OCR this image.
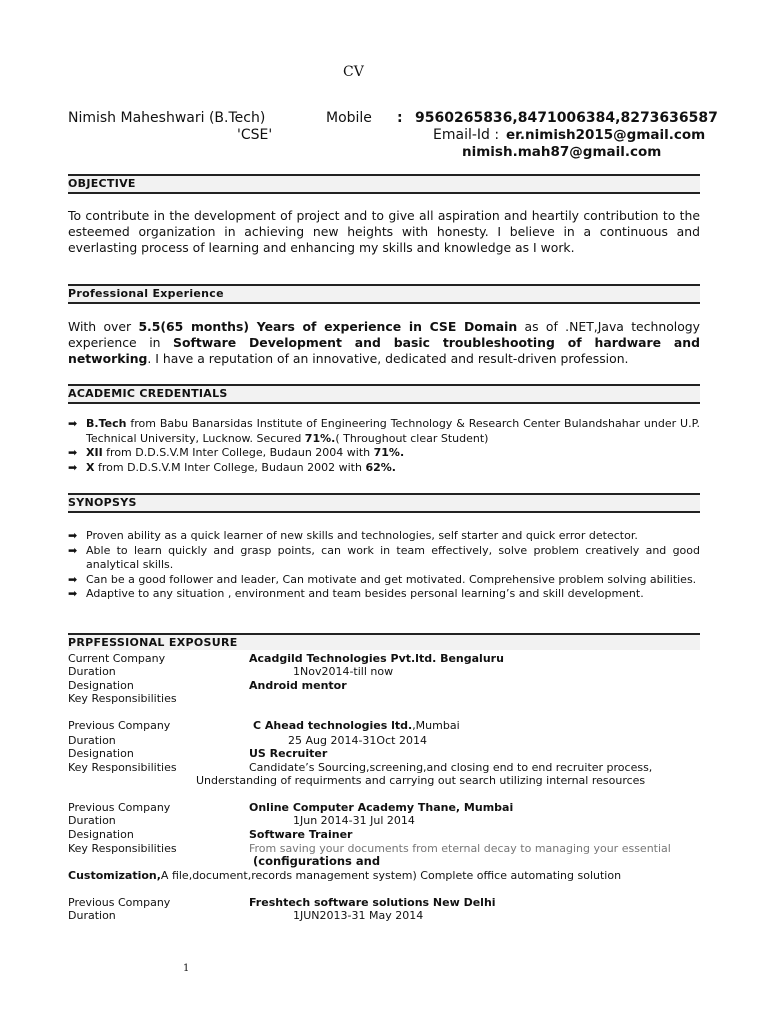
CV
Nimish Maheshwari (B.Tech)
'CSE'
Mobile : 9560265836,8471006384,8273636587
Email-Id : er.nimish2015@gmail.com
nimish.mah87@gmail.com
OBJECTIVE
To contribute in the development of project and to give all aspiration and heartily contribution to the esteemed organization in achieving new heights with honesty. I believe in a continuous and everlasting process of learning and enhancing my skills and knowledge as I work.
Professional Experience
With over 5.5(65 months) Years of experience in CSE Domain as of .NET,Java technology experience in Software Development and basic troubleshooting of hardware and networking. I have a reputation of an innovative, dedicated and result-driven profession.
ACADEMIC CREDENTIALS
➡ B.Tech from Babu Banarsidas Institute of Engineering Technology & Research Center Bulandshahar under U.P. Technical University, Lucknow. Secured 71%.( Throughout clear Student)
➡ XII from D.D.S.V.M Inter College, Budaun 2004 with 71%.
➡ X from D.D.S.V.M Inter College, Budaun 2002 with 62%.
SYNOPSYS
➡ Proven ability as a quick learner of new skills and technologies, self starter and quick error detector.
➡ Able to learn quickly and grasp points, can work in team effectively, solve problem creatively and good analytical skills.
➡ Can be a good follower and leader, Can motivate and get motivated. Comprehensive problem solving abilities.
➡ Adaptive to any situation , environment and team besides personal learning’s and skill development.
PRPFESSIONAL EXPOSURE
Current Company	Acadgild Technologies Pvt.ltd. Bengaluru
Duration	1Nov2014-till now
Designation	Android mentor
Key Responsibilities
Previous Company	C Ahead technologies ltd.,Mumbai
Duration	25 Aug 2014-31Oct 2014
Designation	US Recruiter
Key Responsibilities	Candidate’s Sourcing,screening,and closing end to end recruiter process,
Understanding of requirments and carrying out search utilizing internal resources
Previous Company	Online Computer Academy Thane, Mumbai
Duration	1Jun 2014-31 Jul 2014
Designation	Software Trainer
Key Responsibilities	From saving your documents from eternal decay to managing your essential
(configurations and
Customization,A file,document,records management system) Complete office automating solution
Previous Company	Freshtech software solutions New Delhi
Duration	1JUN2013-31 May 2014
1
